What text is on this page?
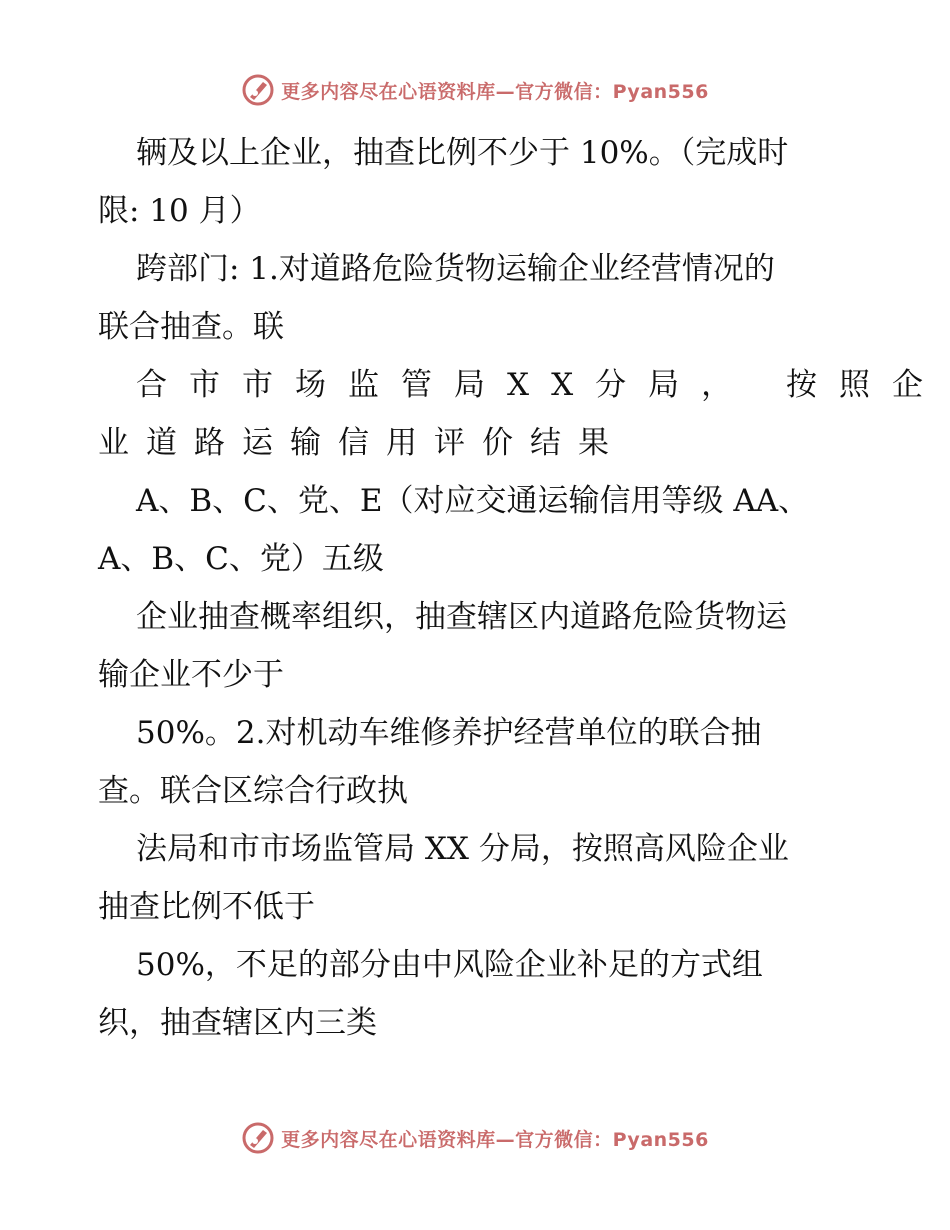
更多内容尽在心语资料库—官方微信：Pyan556
辆及以上企业，抽查比例不少于 10%。（完成时
限: 10 月）
跨部门: 1.对道路危险货物运输企业经营情况的
联合抽查。联
合市市场监管局XX分局， 按照企
业道路运输信用评价结果
A、B、C、党、E（对应交通运输信用等级 AA、
A、B、C、党）五级
企业抽查概率组织，抽查辖区内道路危险货物运
输企业不少于
50%。2.对机动车维修养护经营单位的联合抽
查。联合区综合行政执
法局和市市场监管局 XX 分局，按照高风险企业
抽查比例不低于
50%，不足的部分由中风险企业补足的方式组
织，抽查辖区内三类
更多内容尽在心语资料库—官方微信：Pyan556
